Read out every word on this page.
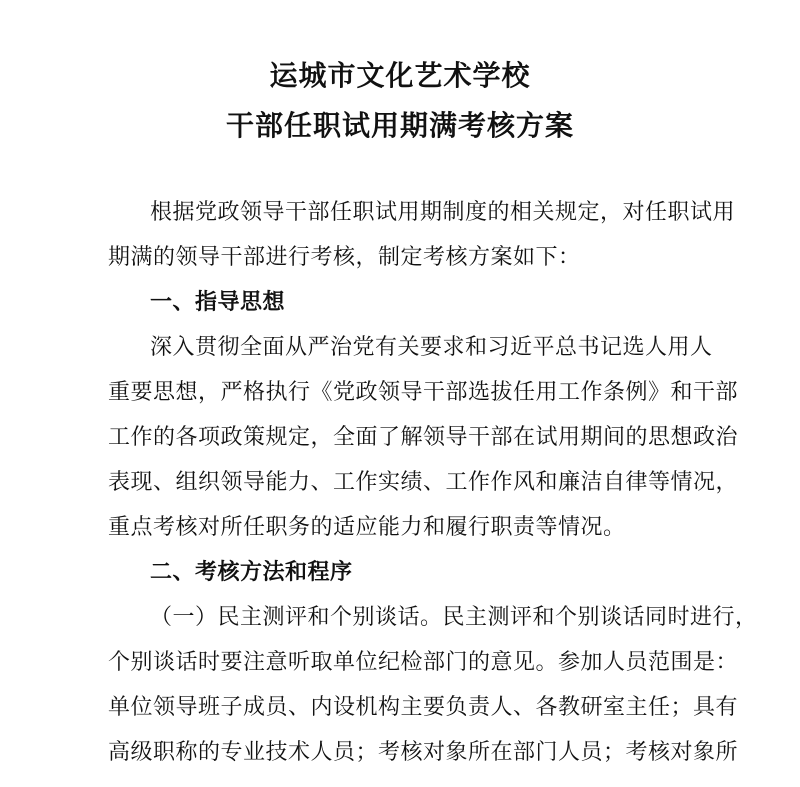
运城市文化艺术学校
干部任职试用期满考核方案
根据党政领导干部任职试用期制度的相关规定，对任职试用
期满的领导干部进行考核，制定考核方案如下：
一、指导思想
深入贯彻全面从严治党有关要求和习近平总书记选人用人
重要思想，严格执行《党政领导干部选拔任用工作条例》和干部
工作的各项政策规定，全面了解领导干部在试用期间的思想政治
表现、组织领导能力、工作实绩、工作作风和廉洁自律等情况，
重点考核对所任职务的适应能力和履行职责等情况。
二、考核方法和程序
（一）民主测评和个别谈话。民主测评和个别谈话同时进行，
个别谈话时要注意听取单位纪检部门的意见。参加人员范围是：
单位领导班子成员、内设机构主要负责人、各教研室主任；具有
高级职称的专业技术人员；考核对象所在部门人员；考核对象所
